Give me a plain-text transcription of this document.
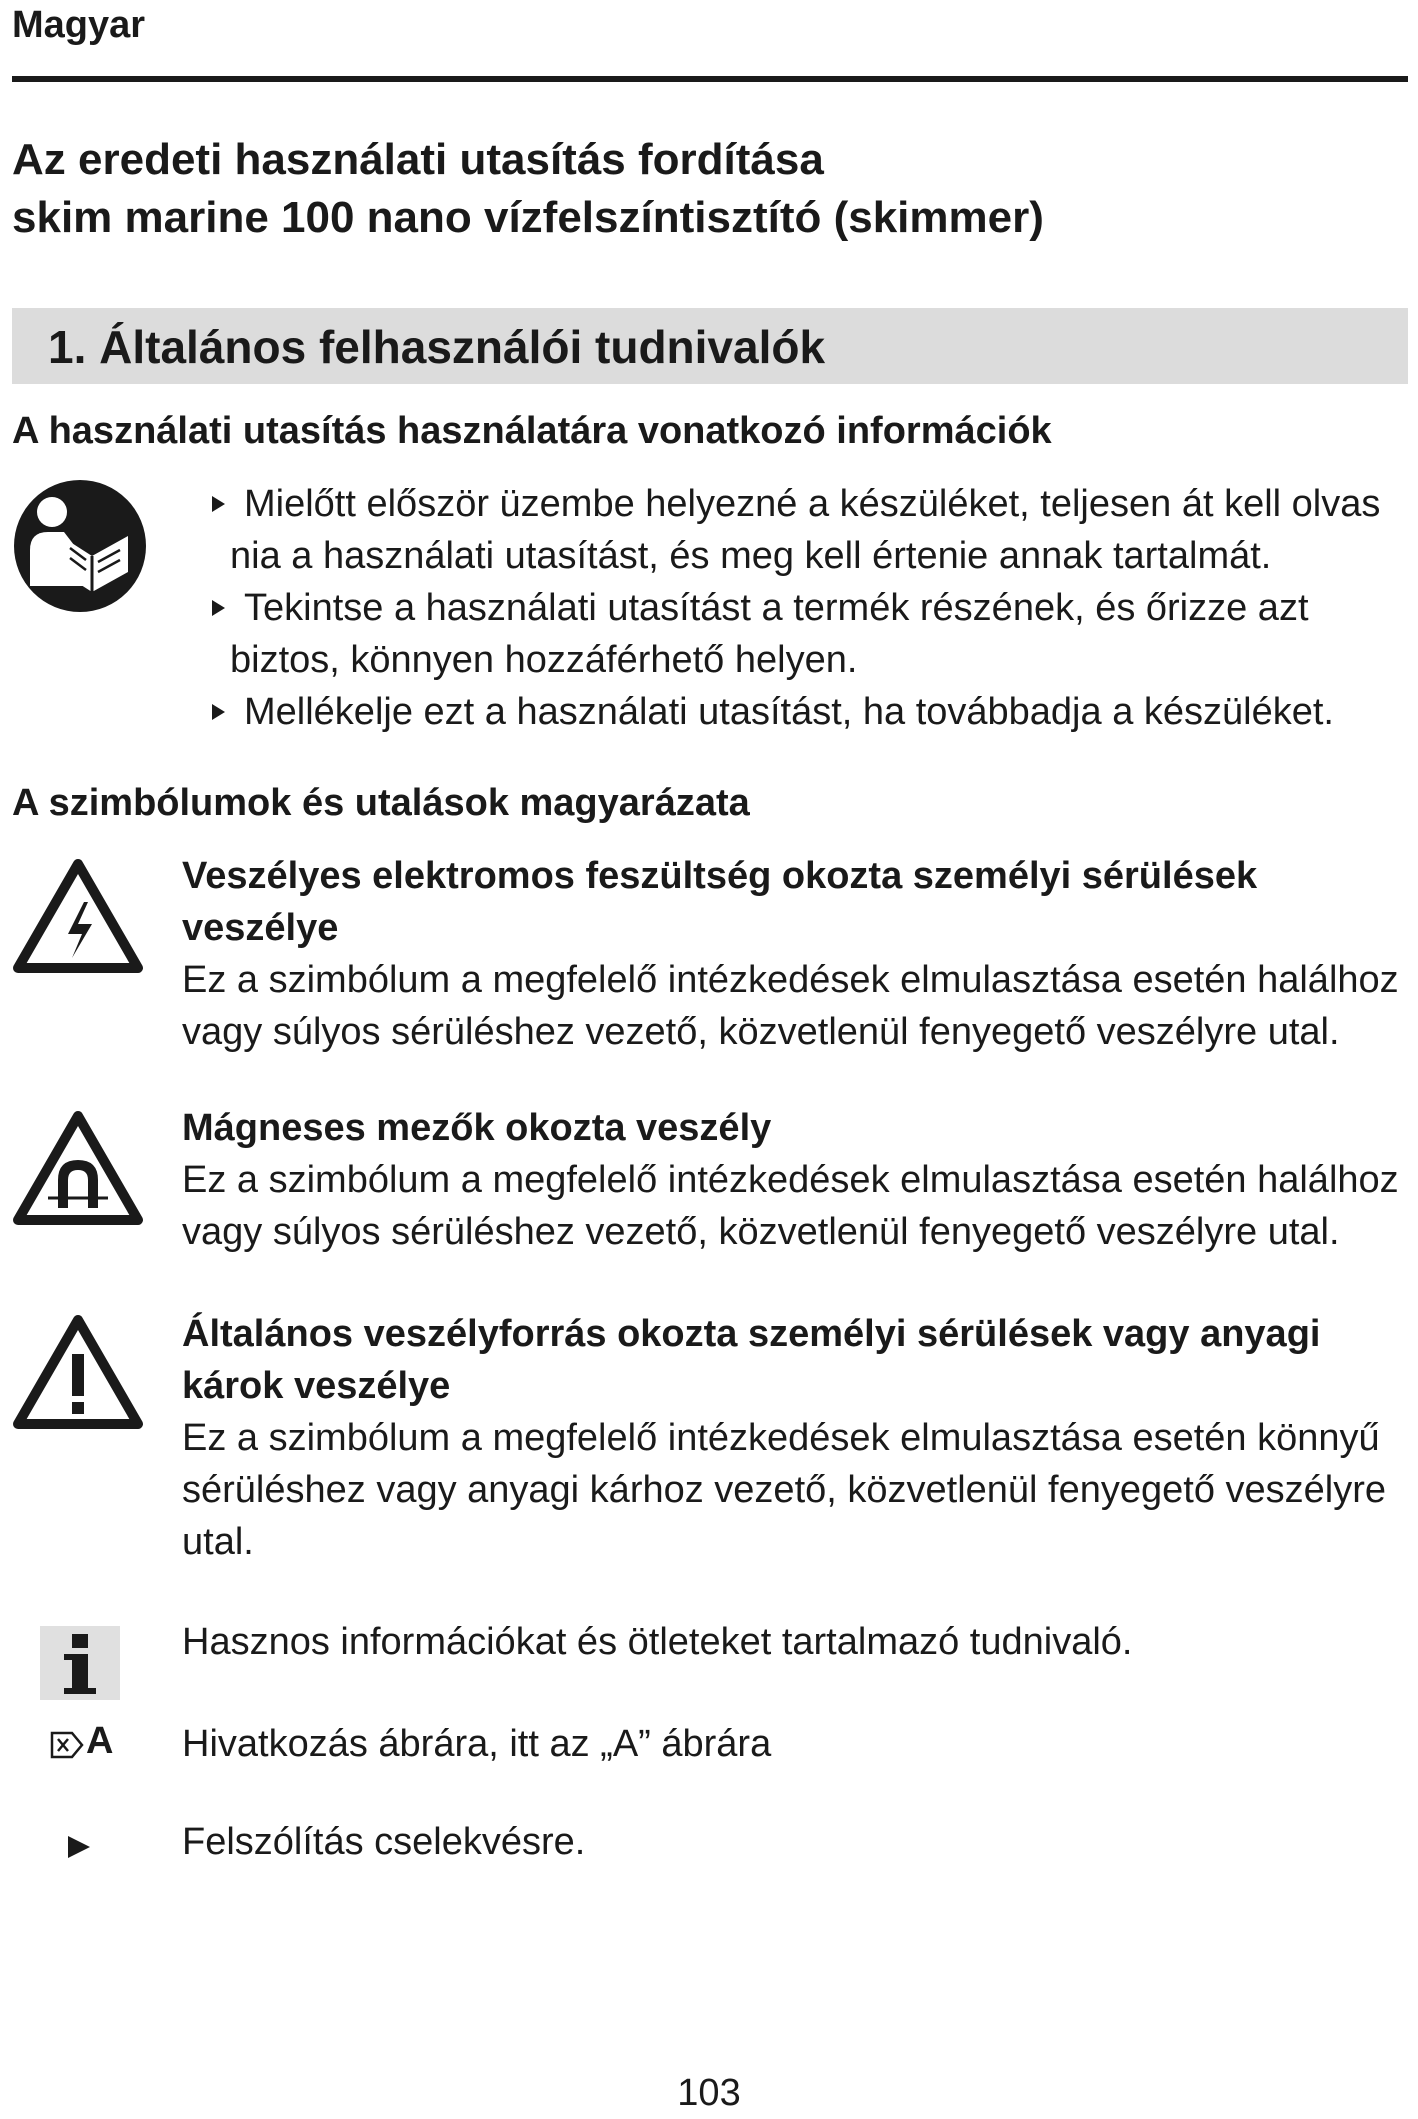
Magyar
Az eredeti használati utasítás fordítása
skim marine 100 nano vízfelszíntisztító (skimmer)
1. Általános felhasználói tudnivalók
A használati utasítás használatára vonatkozó információk
Mielőtt először üzembe helyezné a készüléket, teljesen át kell olvas
nia a használati utasítást, és meg kell értenie annak tartalmát.
Tekintse a használati utasítást a termék részének, és őrizze azt
biztos, könnyen hozzáférhető helyen.
Mellékelje ezt a használati utasítást, ha továbbadja a készüléket.
A szimbólumok és utalások magyarázata
Veszélyes elektromos feszültség okozta személyi sérülések
veszélye
Ez a szimbólum a megfelelő intézkedések elmulasztása esetén halálhoz
vagy súlyos sérüléshez vezető, közvetlenül fenyegető veszélyre utal.
Mágneses mezők okozta veszély
Ez a szimbólum a megfelelő intézkedések elmulasztása esetén halálhoz
vagy súlyos sérüléshez vezető, közvetlenül fenyegető veszélyre utal.
Általános veszélyforrás okozta személyi sérülések vagy anyagi
károk veszélye
Ez a szimbólum a megfelelő intézkedések elmulasztása esetén könnyű
sérüléshez vagy anyagi kárhoz vezető, közvetlenül fenyegető veszélyre
utal.
Hasznos információkat és ötleteket tartalmazó tudnivaló.
A Hivatkozás ábrára, itt az „A” ábrára
Felszólítás cselekvésre.
103
